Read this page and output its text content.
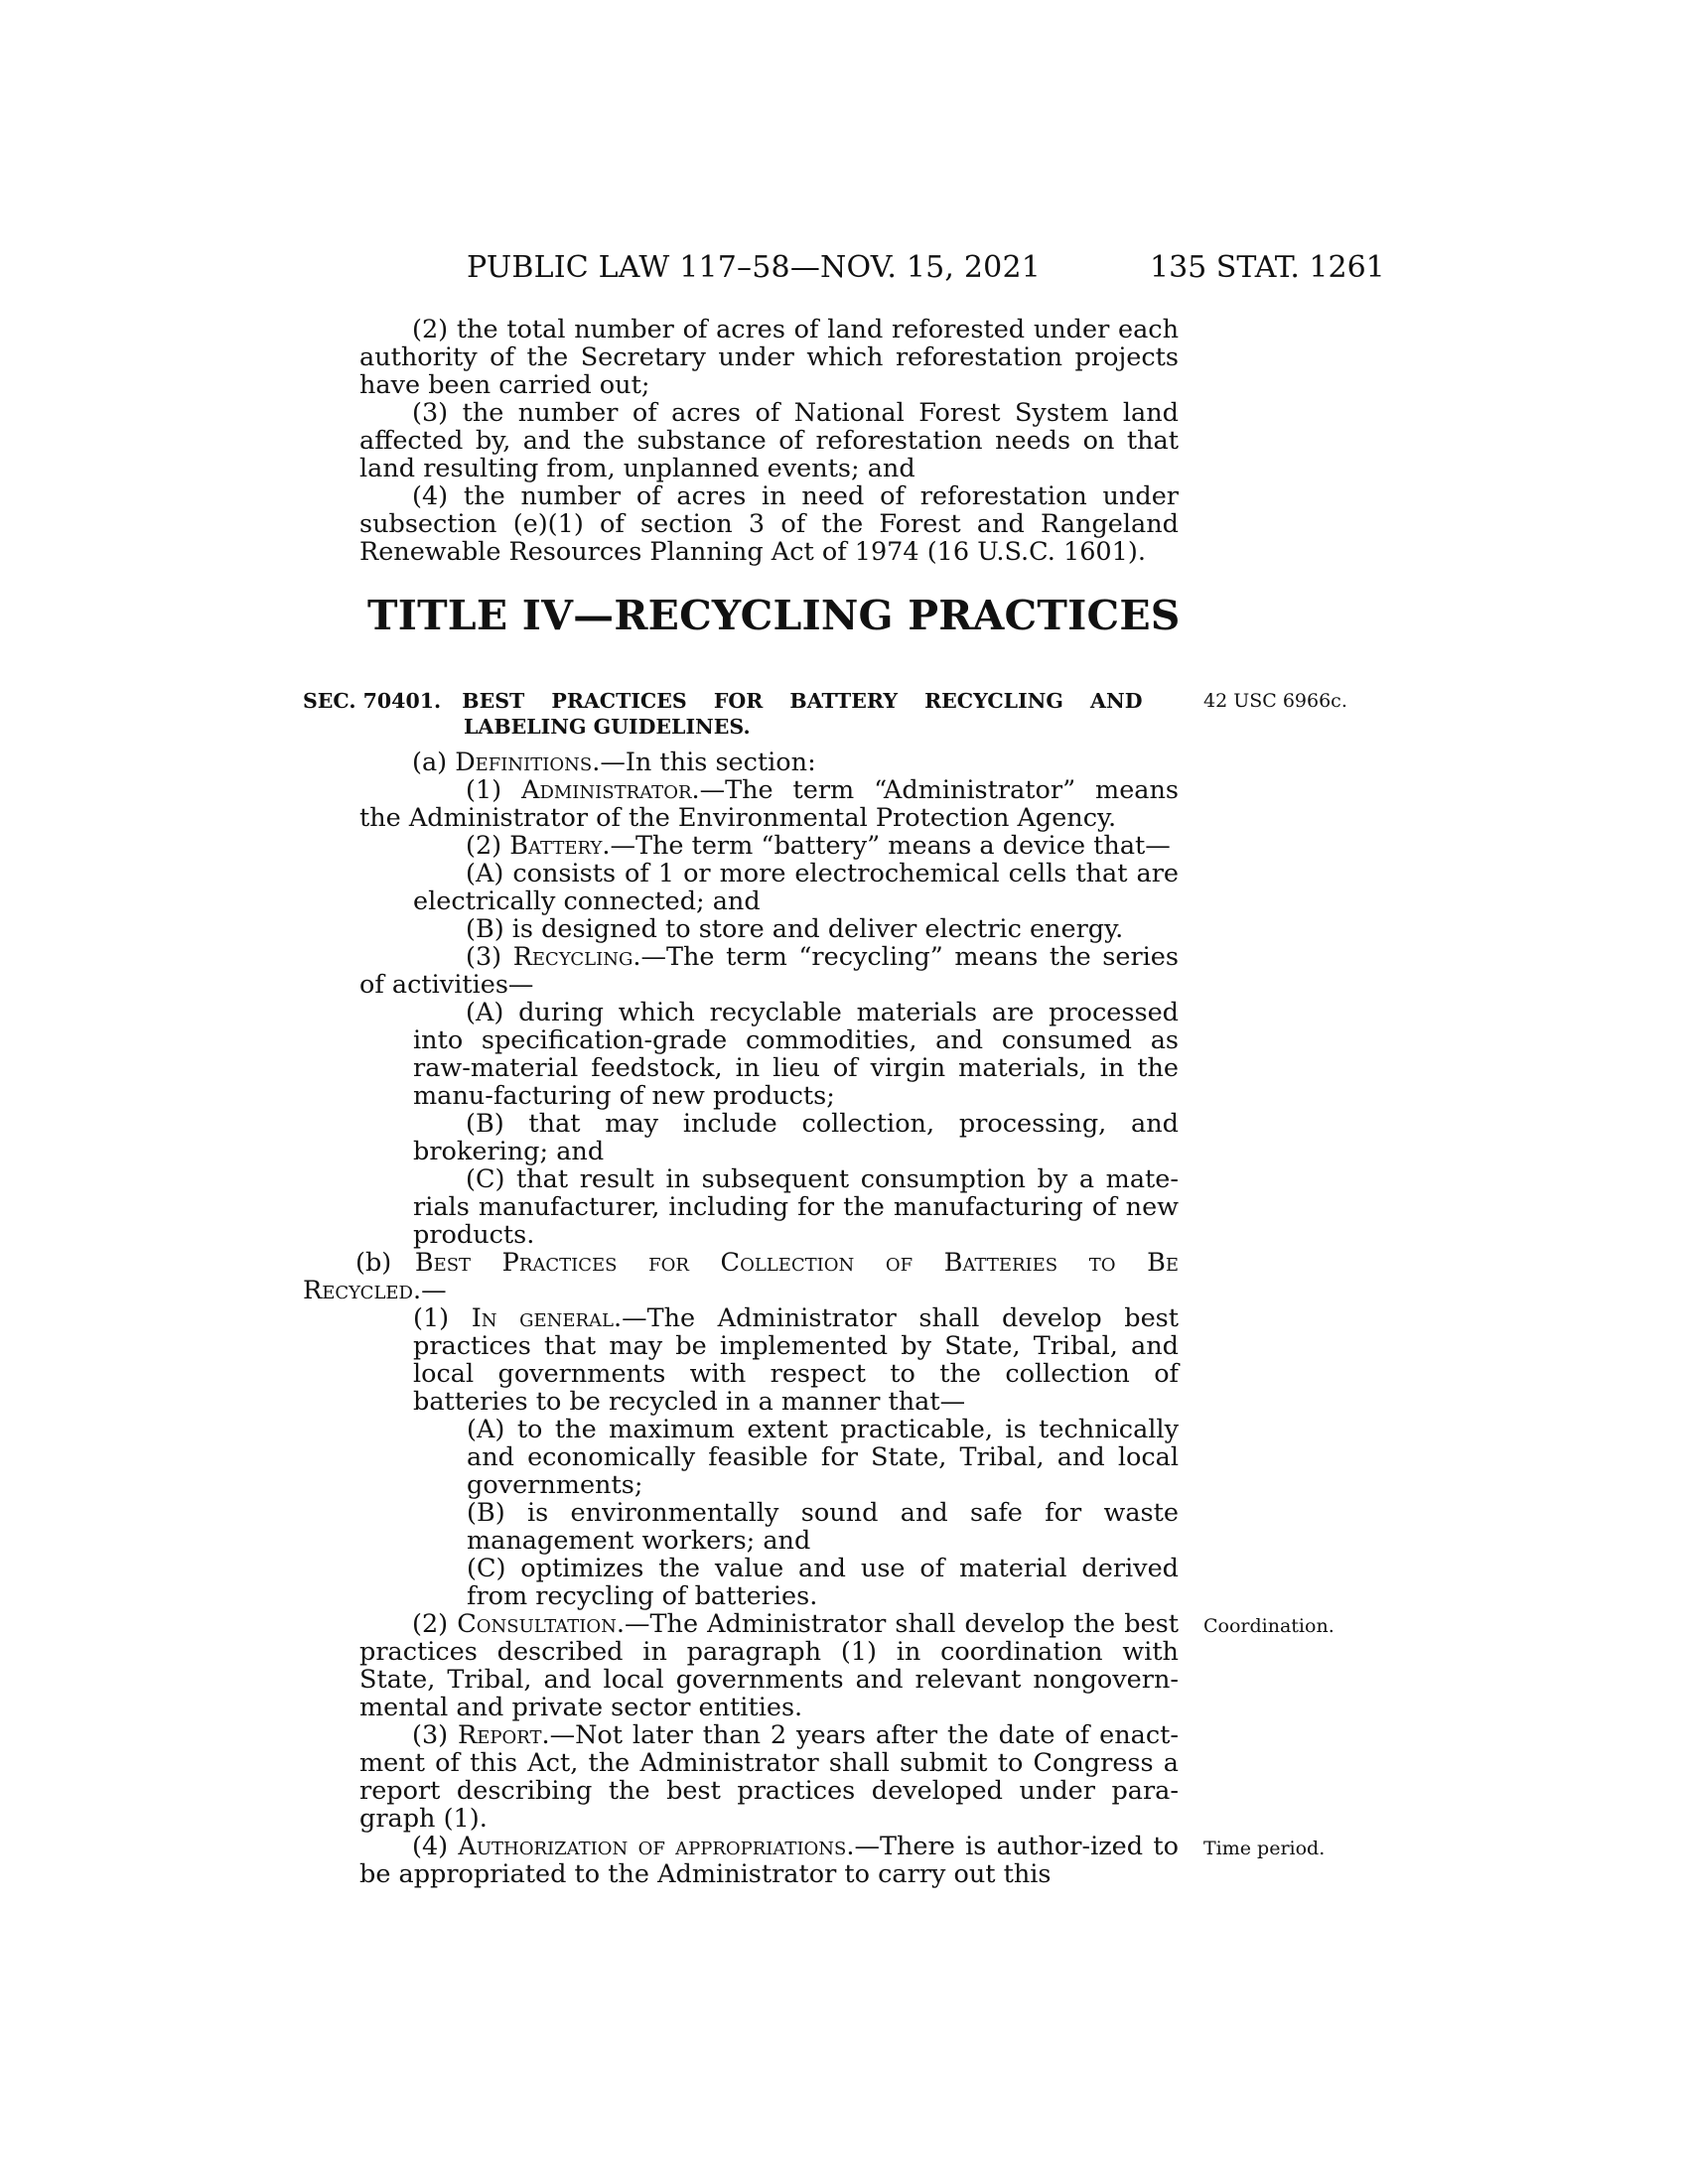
PUBLIC LAW 117–58—NOV. 15, 2021	135 STAT. 1261

(2) the total number of acres of land reforested under each authority of the Secretary under which reforestation projects have been carried out;

(3) the number of acres of National Forest System land affected by, and the substance of reforestation needs on that land resulting from, unplanned events; and

(4) the number of acres in need of reforestation under subsection (e)(1) of section 3 of the Forest and Rangeland Renewable Resources Planning Act of 1974 (16 U.S.C. 1601).

TITLE IV—RECYCLING PRACTICES
SEC. 70401. BEST PRACTICES FOR BATTERY RECYCLING AND
LABELING GUIDELINES.
42 USC 6966c.

(a) Definitions.—In this section:

(1) Administrator.—The term “Administrator” means the Administrator of the Environmental Protection Agency.

(2) Battery.—The term “battery” means a device that—

(A) consists of 1 or more electrochemical cells that are electrically connected; and

(B) is designed to store and deliver electric energy.

(3) Recycling.—The term “recycling” means the series of activities—

(A) during which recyclable materials are processed into specification-grade commodities, and consumed as raw-material feedstock, in lieu of virgin materials, in the manu-facturing of new products;

(B) that may include collection, processing, and brokering; and

(C) that result in subsequent consumption by a mate-rials manufacturer, including for the manufacturing of new products.

(b) Best Practices for Collection of Batteries to Be Recycled.—

(1) In general.—The Administrator shall develop best practices that may be implemented by State, Tribal, and local governments with respect to the collection of batteries to be recycled in a manner that—

(A) to the maximum extent practicable, is technically and economically feasible for State, Tribal, and local governments;

(B) is environmentally sound and safe for waste management workers; and

(C) optimizes the value and use of material derived from recycling of batteries.

(2) Consultation.—The Administrator shall develop the best practices described in paragraph (1) in coordination with State, Tribal, and local governments and relevant nongovern-mental and private sector entities.

Coordination.

(3) Report.—Not later than 2 years after the date of enact-ment of this Act, the Administrator shall submit to Congress a report describing the best practices developed under para-graph (1).

(4) Authorization of appropriations.—There is author-ized to be appropriated to the Administrator to carry out this

Time period.
